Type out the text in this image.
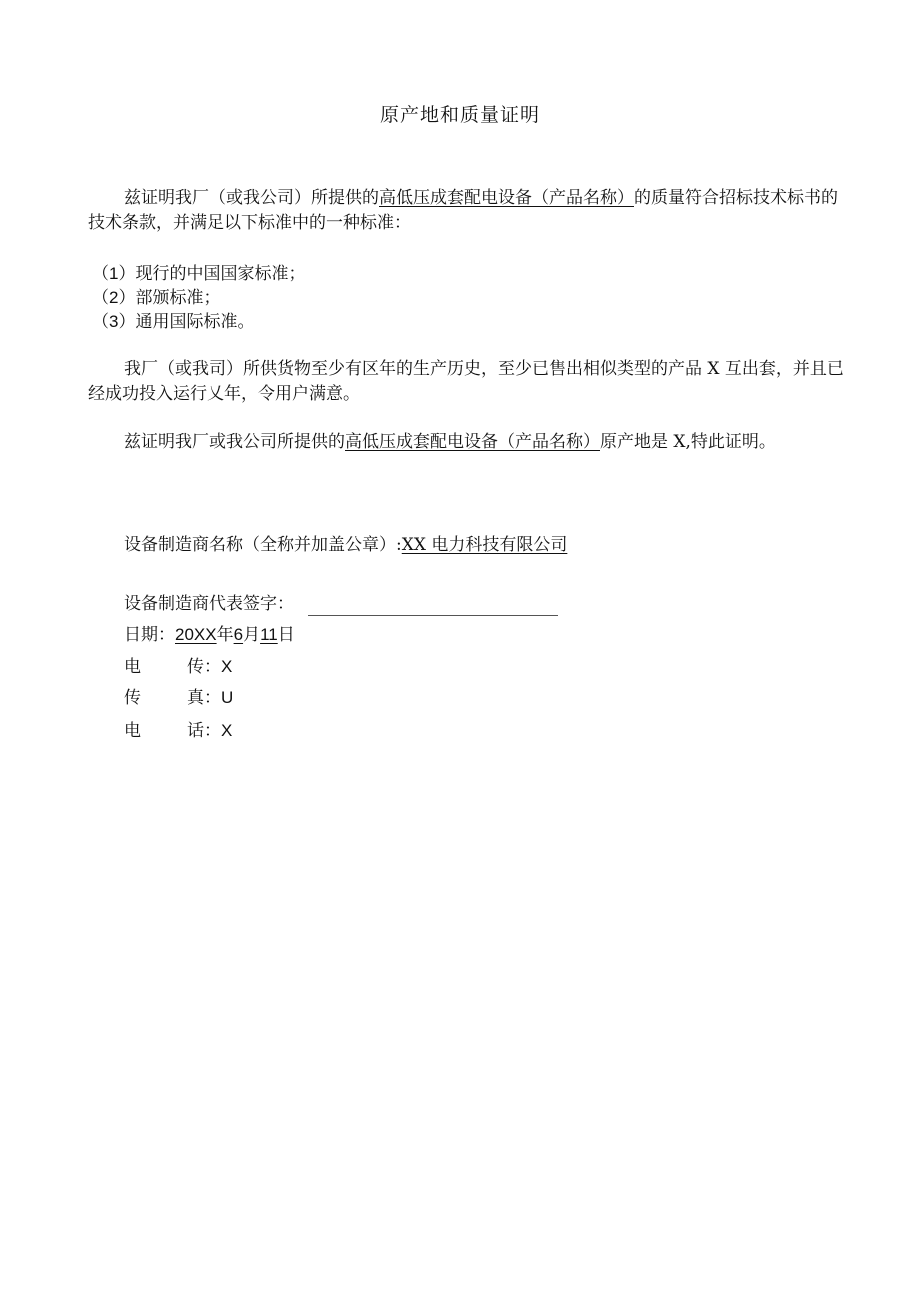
原产地和质量证明
兹证明我厂（或我公司）所提供的高低压成套配电设备（产品名称）的质量符合招标技术标书的技术条款，并满足以下标准中的一种标准：
（1）现行的中国国家标准；
（2）部颁标准；
（3）通用国际标准。
我厂（或我司）所供货物至少有区年的生产历史，至少已售出相似类型的产品 X 互出套，并且已经成功投入运行乂年，令用户满意。
兹证明我厂或我公司所提供的高低压成套配电设备（产品名称）原产地是 X,特此证明。
设备制造商名称（全称并加盖公章）:XX 电力科技有限公司
设备制造商代表签字：
日期：20XX年6月11日
电	传：X
传	真：U
电	话：X
